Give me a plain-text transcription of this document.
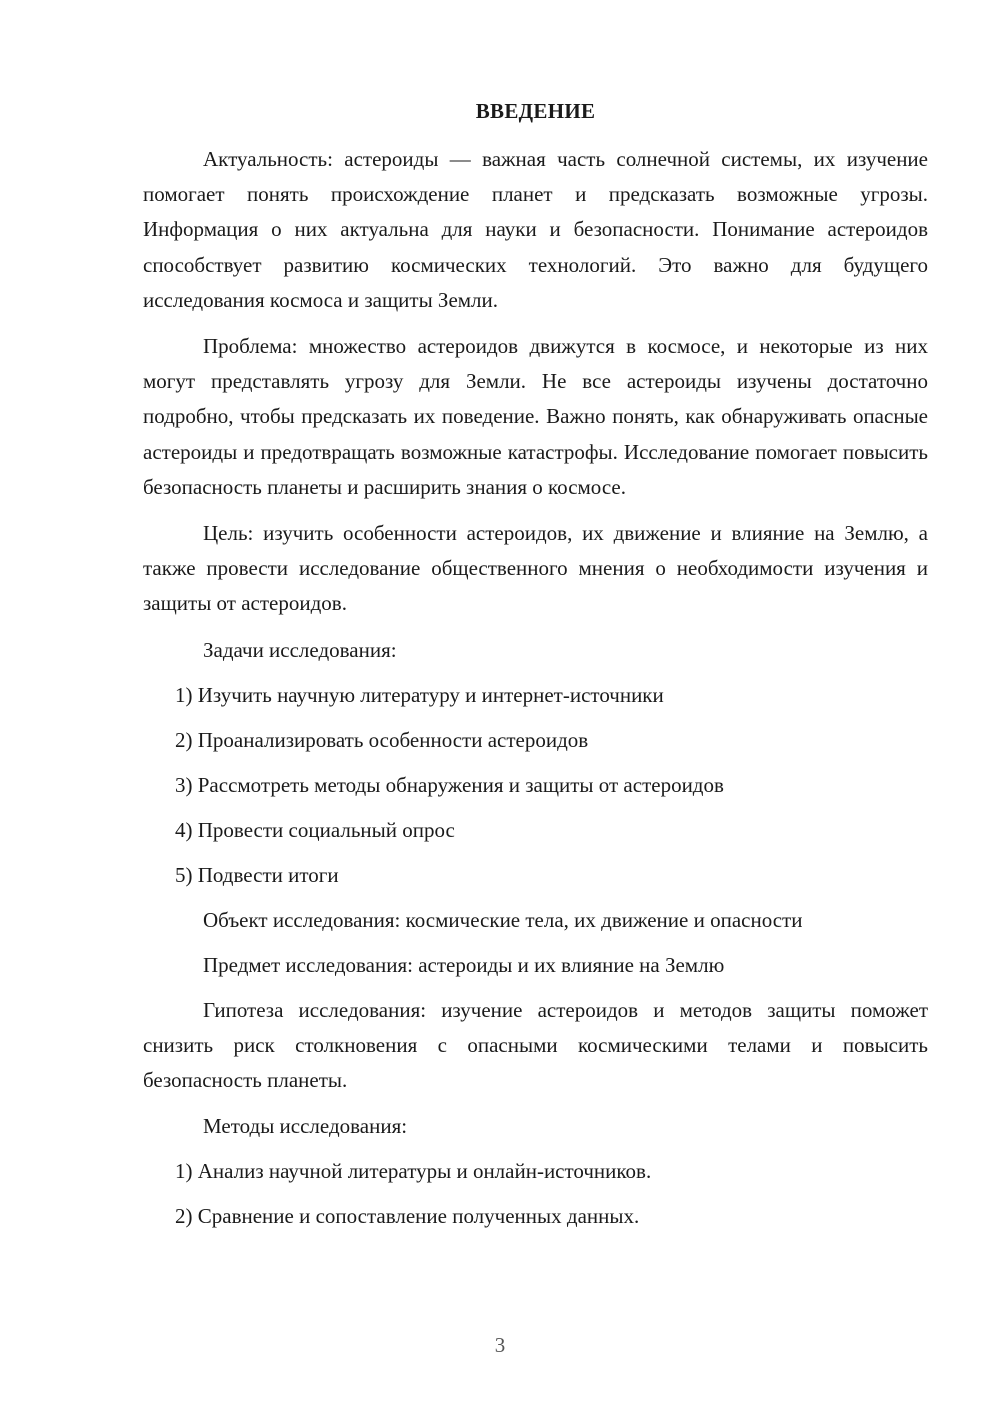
ВВЕДЕНИЕ

Актуальность: астероиды — важная часть солнечной системы, их изучение помогает понять происхождение планет и предсказать возможные угрозы. Информация о них актуальна для науки и безопасности. Понимание астероидов способствует развитию космических технологий. Это важно для будущего исследования космоса и защиты Земли.

Проблема: множество астероидов движутся в космосе, и некоторые из них могут представлять угрозу для Земли. Не все астероиды изучены достаточно подробно, чтобы предсказать их поведение. Важно понять, как обнаруживать опасные астероиды и предотвращать возможные катастрофы. Исследование помогает повысить безопасность планеты и расширить знания о космосе.

Цель: изучить особенности астероидов, их движение и влияние на Землю, а также провести исследование общественного мнения о необходимости изучения и защиты от астероидов.

Задачи исследования:
1) Изучить научную литературу и интернет-источники
2) Проанализировать особенности астероидов
3) Рассмотреть методы обнаружения и защиты от астероидов
4) Провести социальный опрос
5) Подвести итоги
Объект исследования: космические тела, их движение и опасности
Предмет исследования: астероиды и их влияние на Землю

Гипотеза исследования: изучение астероидов и методов защиты поможет снизить риск столкновения с опасными космическими телами и повысить безопасность планеты.

Методы исследования:
1) Анализ научной литературы и онлайн-источников.
2) Сравнение и сопоставление полученных данных.
3
